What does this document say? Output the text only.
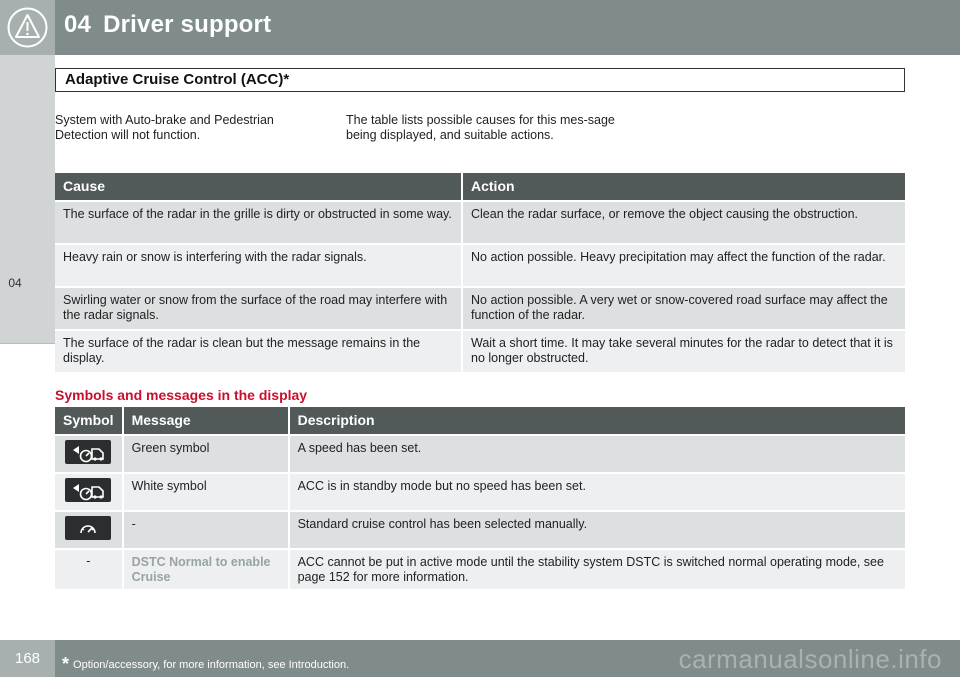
04 Driver support
04
Adaptive Cruise Control (ACC)*
System with Auto-brake and Pedestrian Detection will not function.
The table lists possible causes for this mes-sage being displayed, and suitable actions.
Cause	Action
The surface of the radar in the grille is dirty or obstructed in some way.	Clean the radar surface, or remove the object causing the obstruction.
Heavy rain or snow is interfering with the radar signals.	No action possible. Heavy precipitation may affect the function of the radar.
Swirling water or snow from the surface of the road may interfere with the radar signals.	No action possible. A very wet or snow-covered road surface may affect the function of the radar.
The surface of the radar is clean but the message remains in the display.	Wait a short time. It may take several minutes for the radar to detect that it is no longer obstructed.
Symbols and messages in the display
Symbol	Message	Description

	Green symbol	A speed has been set.

	White symbol	ACC is in standby mode but no speed has been set.

	-	Standard cruise control has been selected manually.
-	DSTC Normal to enable Cruise	ACC cannot be put in active mode until the stability system DSTC is switched normal operating mode, see page 152 for more information.
168	* Option/accessory, for more information, see Introduction.	carmanualsonline.info
